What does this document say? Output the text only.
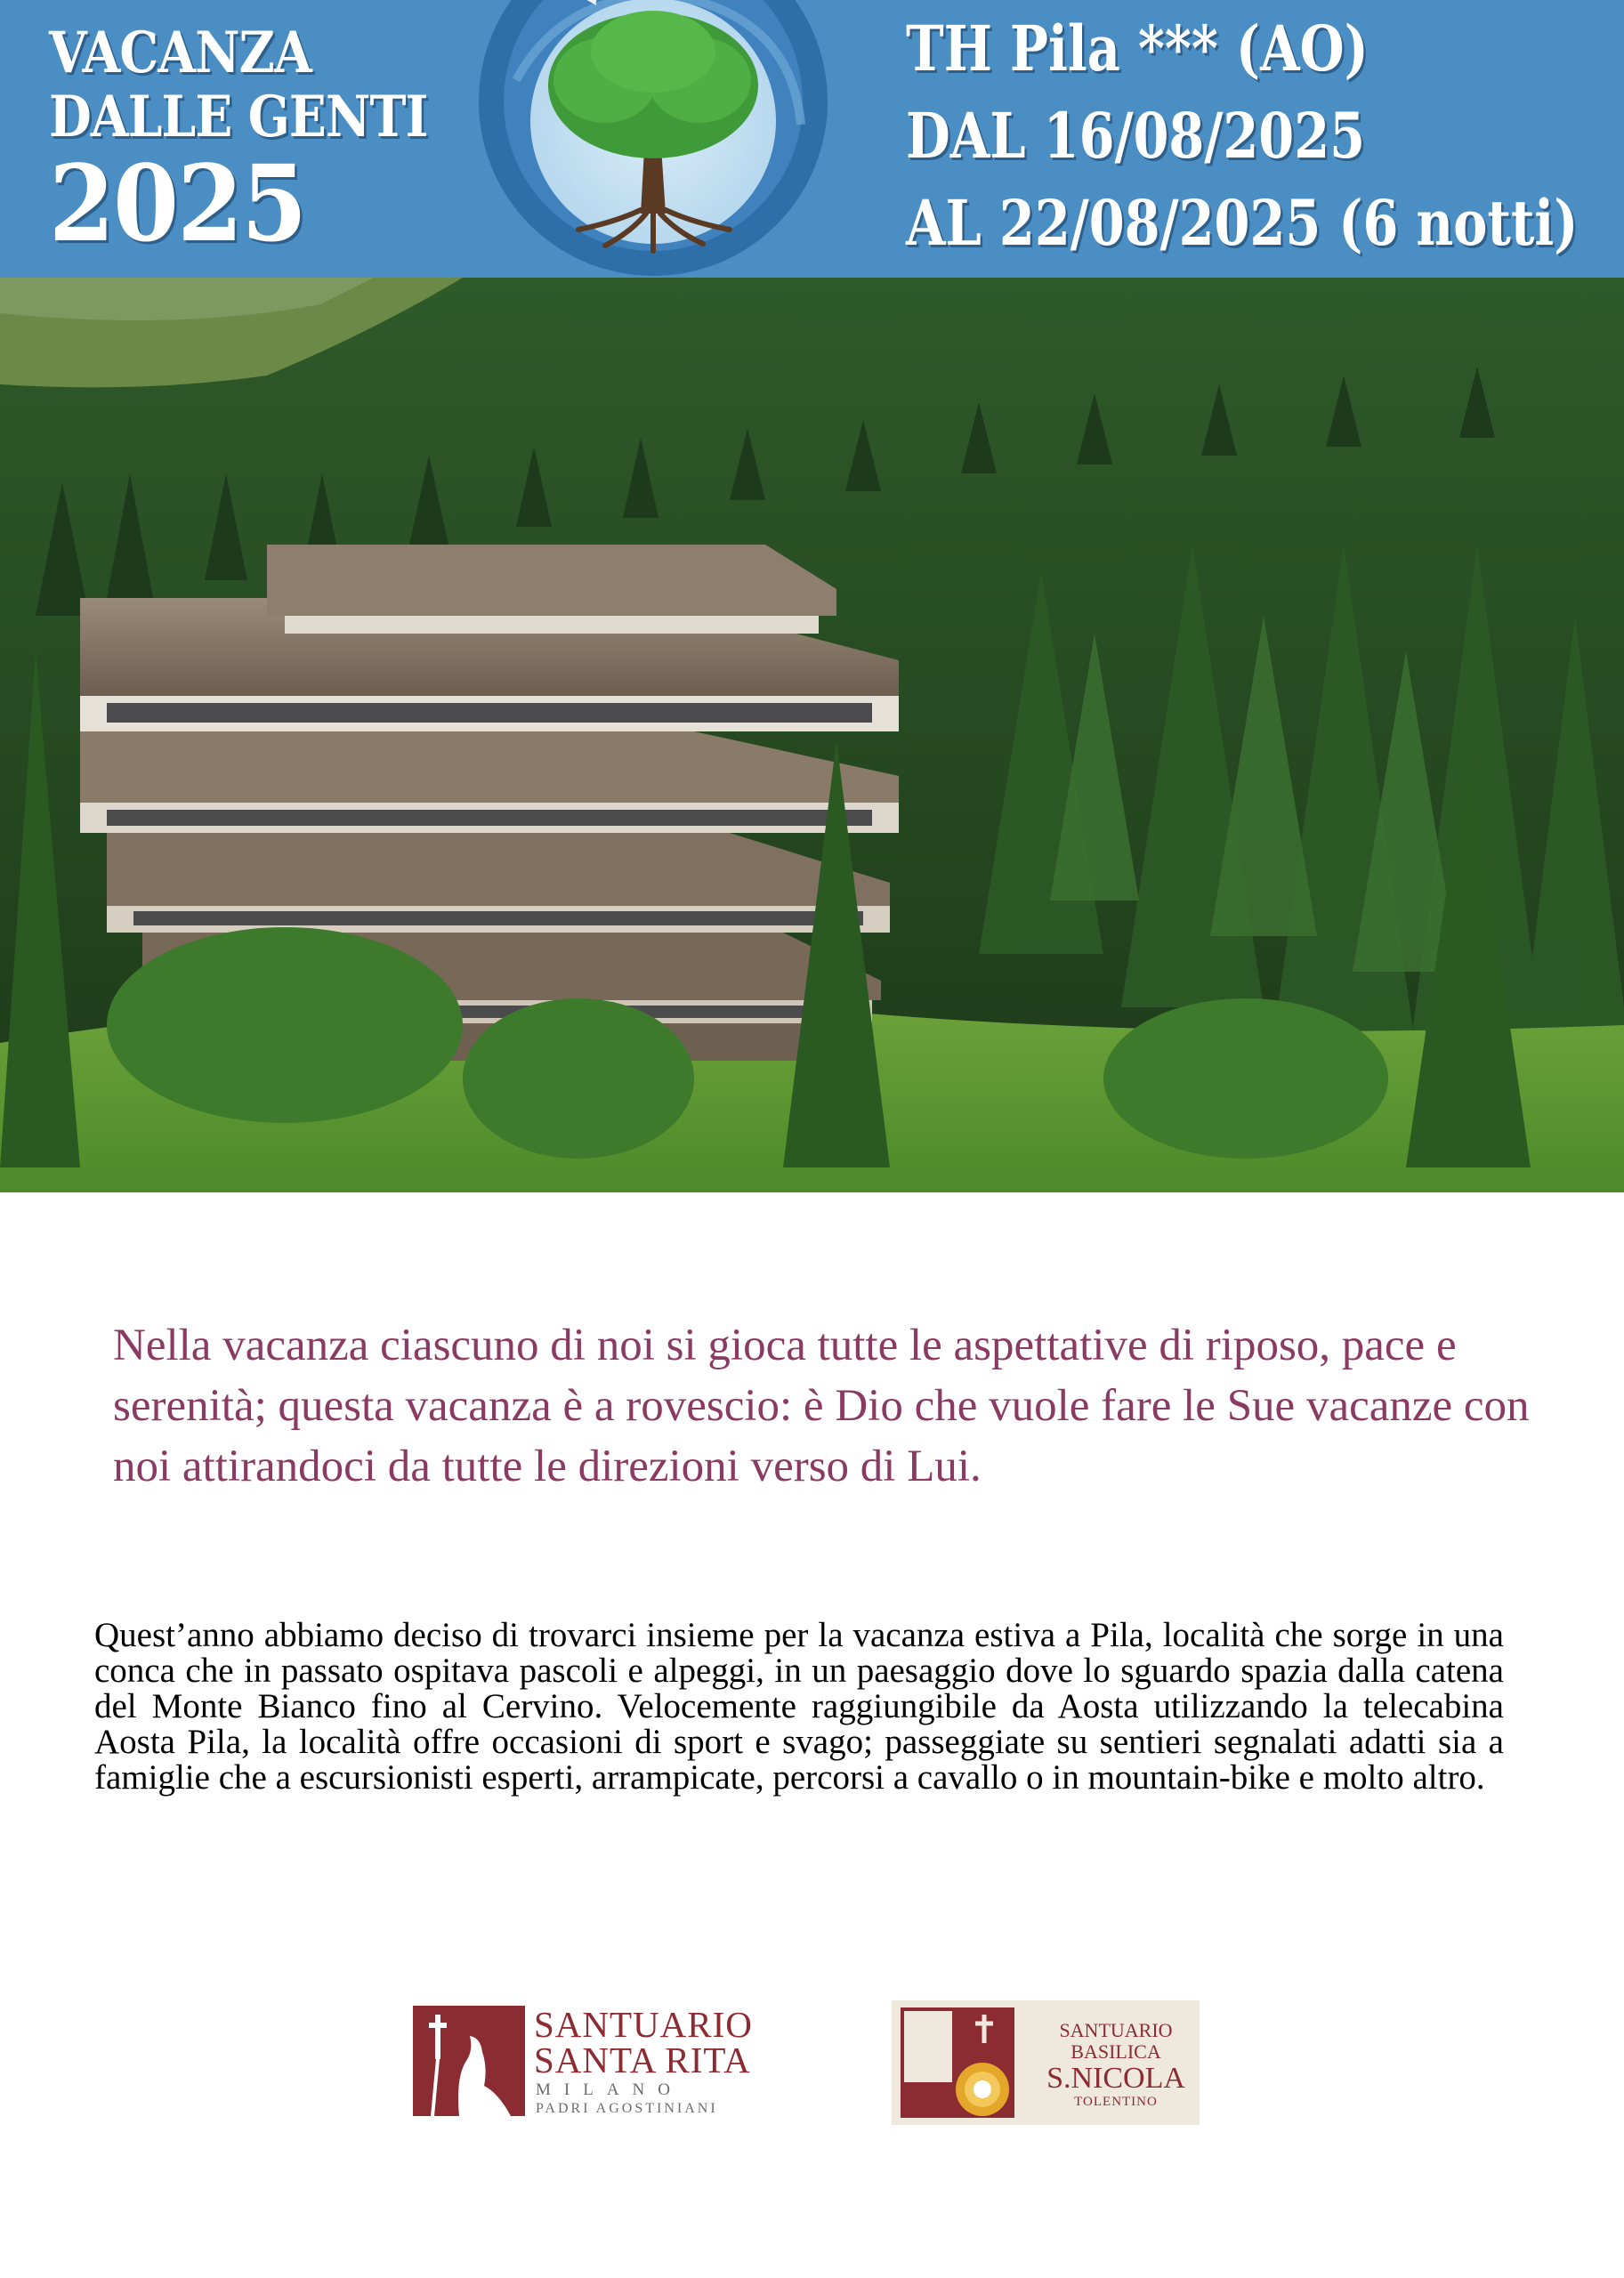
VACANZA
DALLE GENTI
2025
TH Pila *** (AO)
DAL 16/08/2025
AL 22/08/2025 (6 notti)
Nella vacanza ciascuno di noi si gioca tutte le aspettative di riposo, pace e serenità; questa vacanza è a rovescio: è Dio che vuole fare le Sue vacanze con noi attirandoci da tutte le direzioni verso di Lui.
Quest’anno abbiamo deciso di trovarci insieme per la vacanza estiva a Pila, località che sorge in una conca che in passato ospitava pascoli e alpeggi, in un paesaggio dove lo sguardo spazia dalla catena del Monte Bianco fino al Cervino. Velocemente raggiungibile da Aosta utilizzando la telecabina Aosta Pila, la località offre occasioni di sport e svago; passeggiate su sentieri segnalati adatti sia a famiglie che a escursionisti esperti, arrampicate, percorsi a cavallo o in mountain-bike e molto altro.
SANTUARIO
SANTA RITA
MILANO
PADRI AGOSTINIANI
SANTUARIO
BASILICA
S.NICOLA
TOLENTINO
